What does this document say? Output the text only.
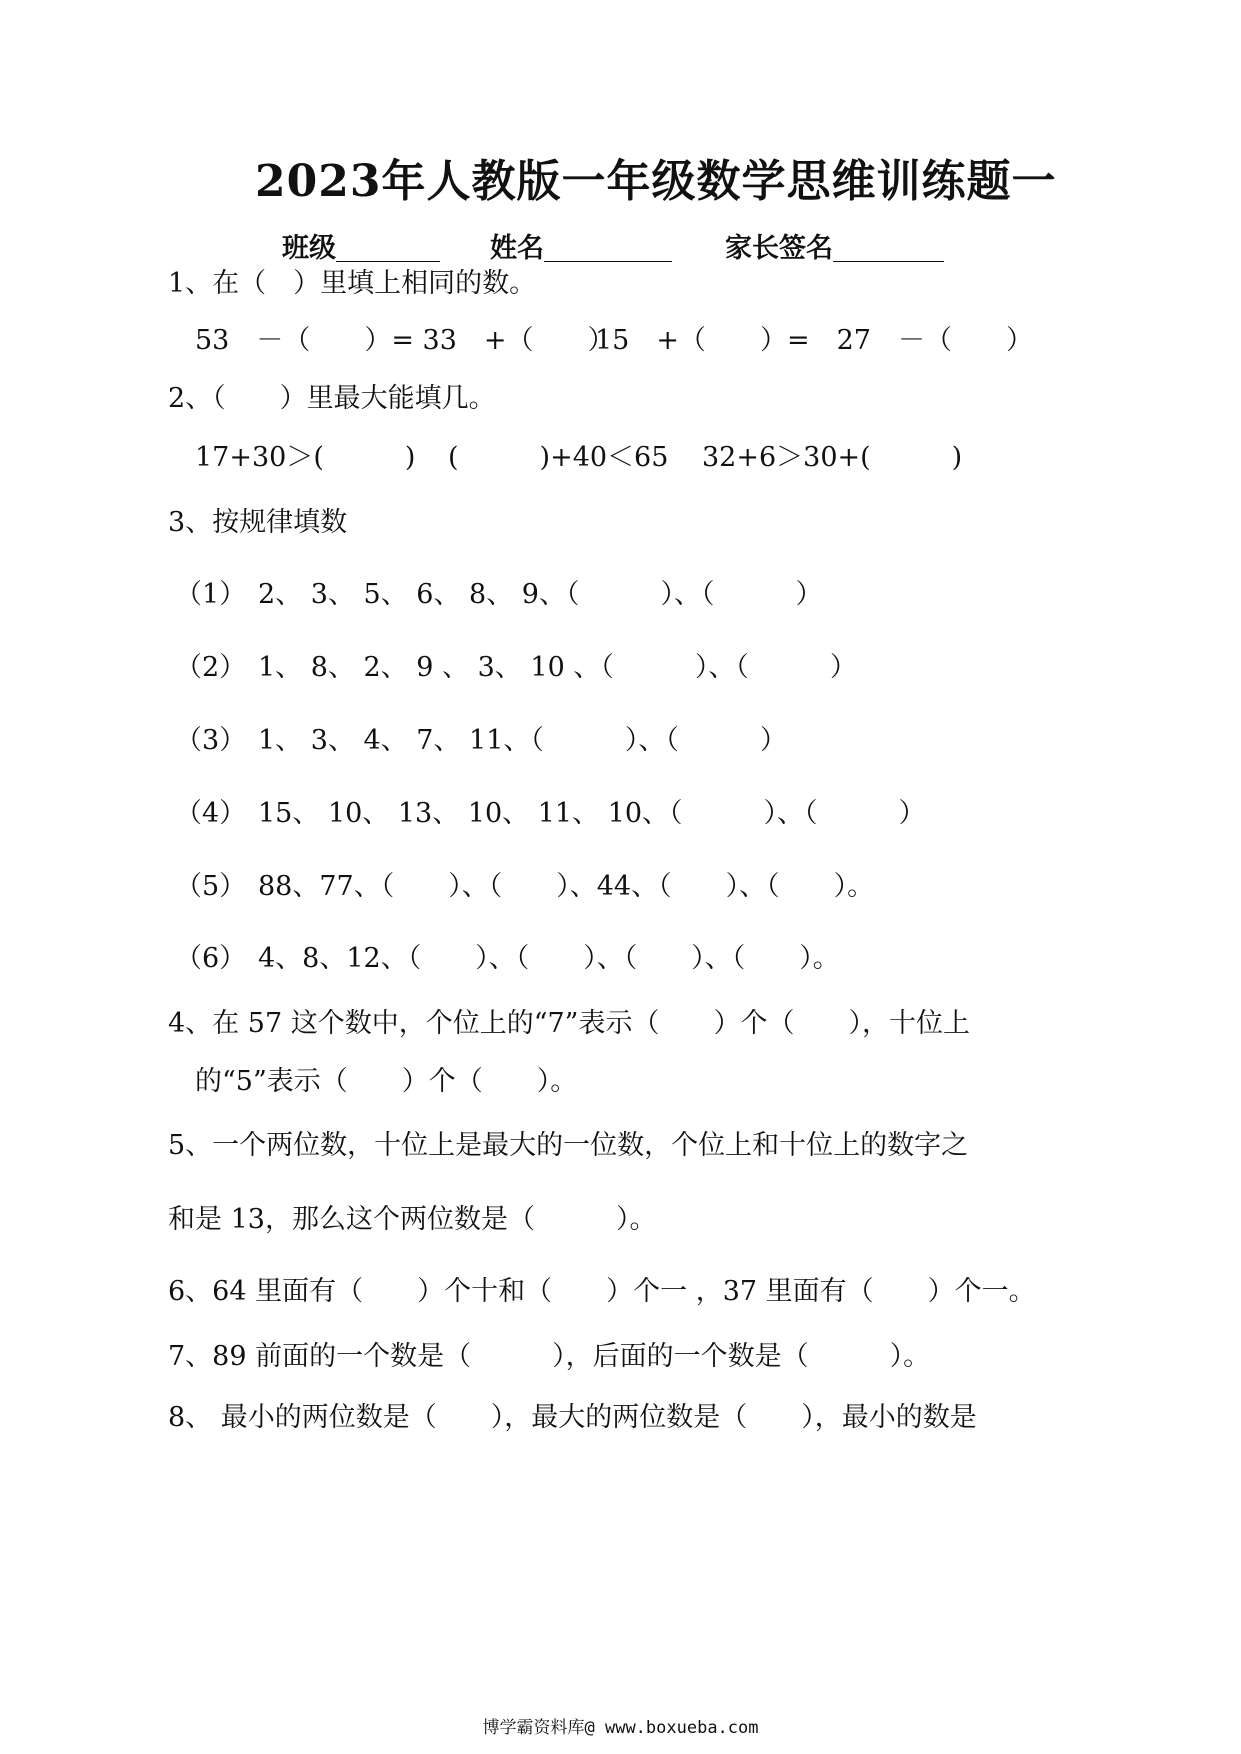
2023年人教版一年级数学思维训练题一
班级	姓名	家长签名
1、在（　）里填上相同的数。
53　－（　　）= 33　+（　　）
15　+（　　）=　27　－（　　）
2、（　　）里最大能填几。
17+30＞(　　　) (　　　)+40＜65 32+6＞30+(　　　)
3、按规律填数
（1） 2、 3、 5、 6、 8、 9、（　　　）、（　　　）
（2） 1、 8、 2、 9 、 3、 10 、（　　　）、（　　　）
（3） 1、 3、 4、 7、 11、（　　　）、（　　　）
（4） 15、 10、 13、 10、 11、 10、（　　　）、（　　　）
（5） 88、77、（　　）、（　　）、44、（　　）、（　　）。
（6） 4、8、12、（　　）、（　　）、（　　）、（　　）。
4、在 57 这个数中，个位上的“7”表示（　　）个（　　），十位上
的“5”表示（　　）个（　　）。
5、一个两位数，十位上是最大的一位数，个位上和十位上的数字之
和是 13，那么这个两位数是（　　　）。
6、64 里面有（　　）个十和（　　）个一 ，37 里面有（　　）个一。
7、89 前面的一个数是（　　　），后面的一个数是（　　　）。
8、 最小的两位数是（　　），最大的两位数是（　　），最小的数是
博学霸资料库@ www.boxueba.com
